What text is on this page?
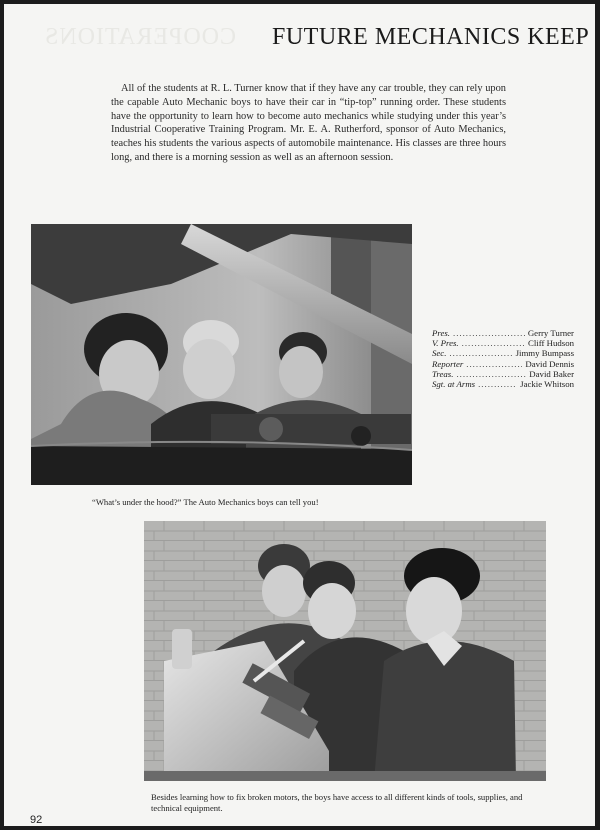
COOPERATIONS FUTURE MECHANICS KEEP

All of the students at R. L. Turner know that if they have any car trouble, they can rely upon the capable Auto Mechanic boys to have their car in “tip-top” running order. These students have the opportunity to learn how to become auto mechanics while studying under this year’s Industrial Cooperative Training Program. Mr. E. A. Rutherford, sponsor of Auto Mechanics, teaches his students the various aspects of automobile maintenance. His classes are three hours long, and there is a morning session as well as an afternoon session.

“What’s under the hood?” The Auto Mechanics boys can tell you!

Pres. .....	Gerry Turner
V. Pres. .....	Cliff Hudson
Sec. .....	Jimmy Bumpass
Reporter .....	David Dennis
Treas. .....	David Baker
Sgt. at Arms .....	Jackie Whitson

Besides learning how to fix broken motors, the boys have access to all different kinds of tools, supplies, and technical equipment.

92
